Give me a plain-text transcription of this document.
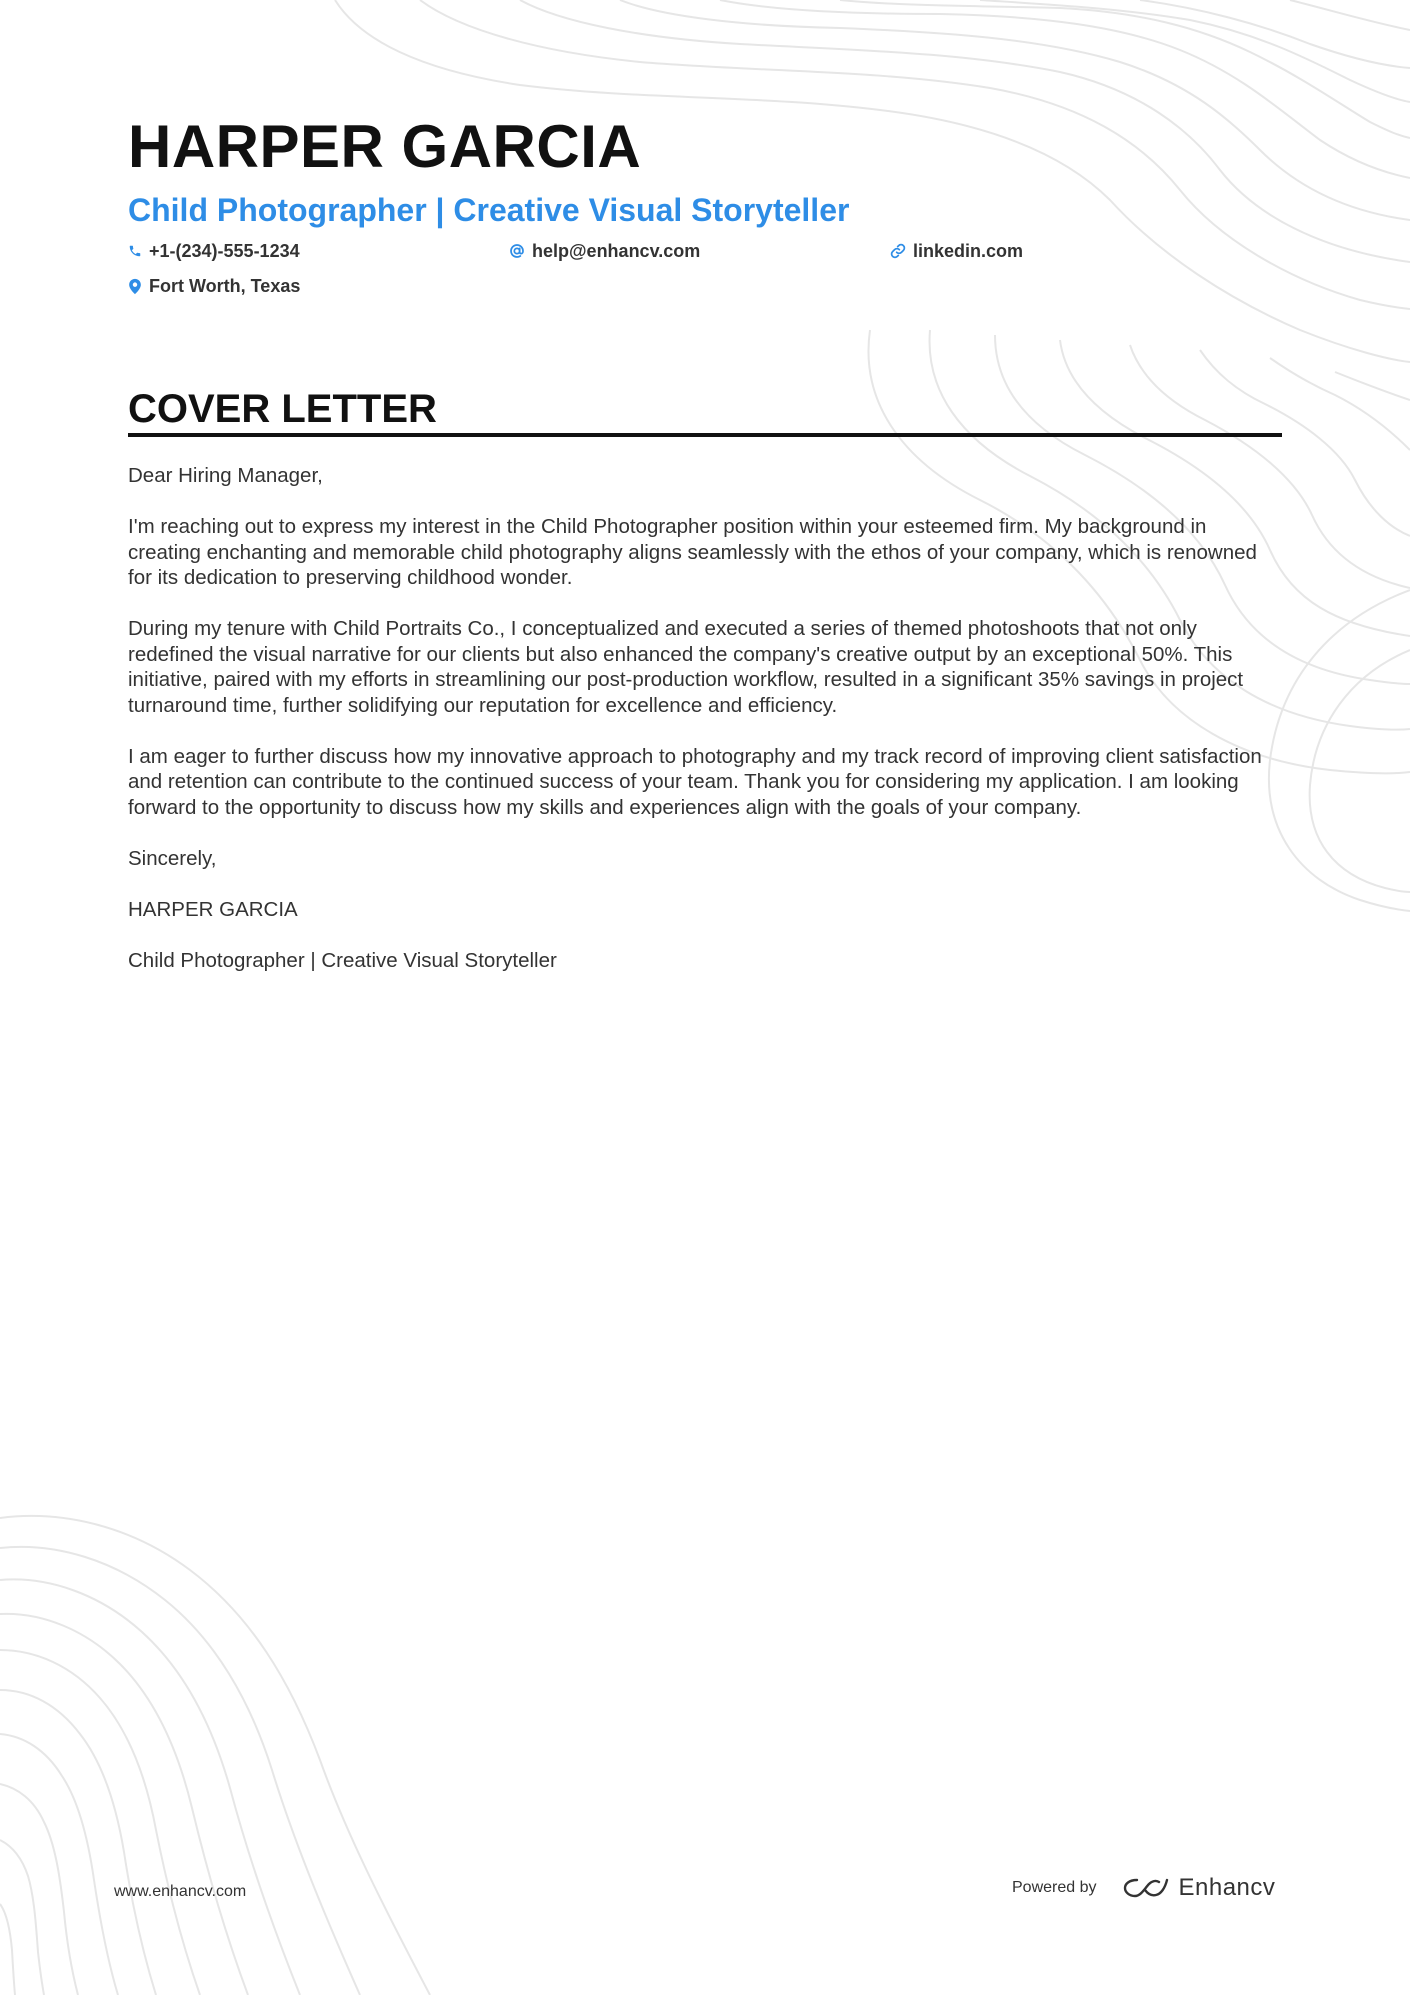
HARPER GARCIA
Child Photographer | Creative Visual Storyteller
+1-(234)-555-1234	help@enhancv.com	linkedin.com
Fort Worth, Texas
COVER LETTER

Dear Hiring Manager,

I'm reaching out to express my interest in the Child Photographer position within your esteemed firm. My background in creating enchanting and memorable child photography aligns seamlessly with the ethos of your company, which is renowned for its dedication to preserving childhood wonder.

During my tenure with Child Portraits Co., I conceptualized and executed a series of themed photoshoots that not only redefined the visual narrative for our clients but also enhanced the company's creative output by an exceptional 50%. This initiative, paired with my efforts in streamlining our post-production workflow, resulted in a significant 35% savings in project turnaround time, further solidifying our reputation for excellence and efficiency.

I am eager to further discuss how my innovative approach to photography and my track record of improving client satisfaction and retention can contribute to the continued success of your team. Thank you for considering my application. I am looking forward to the opportunity to discuss how my skills and experiences align with the goals of your company.

Sincerely,

HARPER GARCIA

Child Photographer | Creative Visual Storyteller

www.enhancv.com	Powered by	Enhancv
